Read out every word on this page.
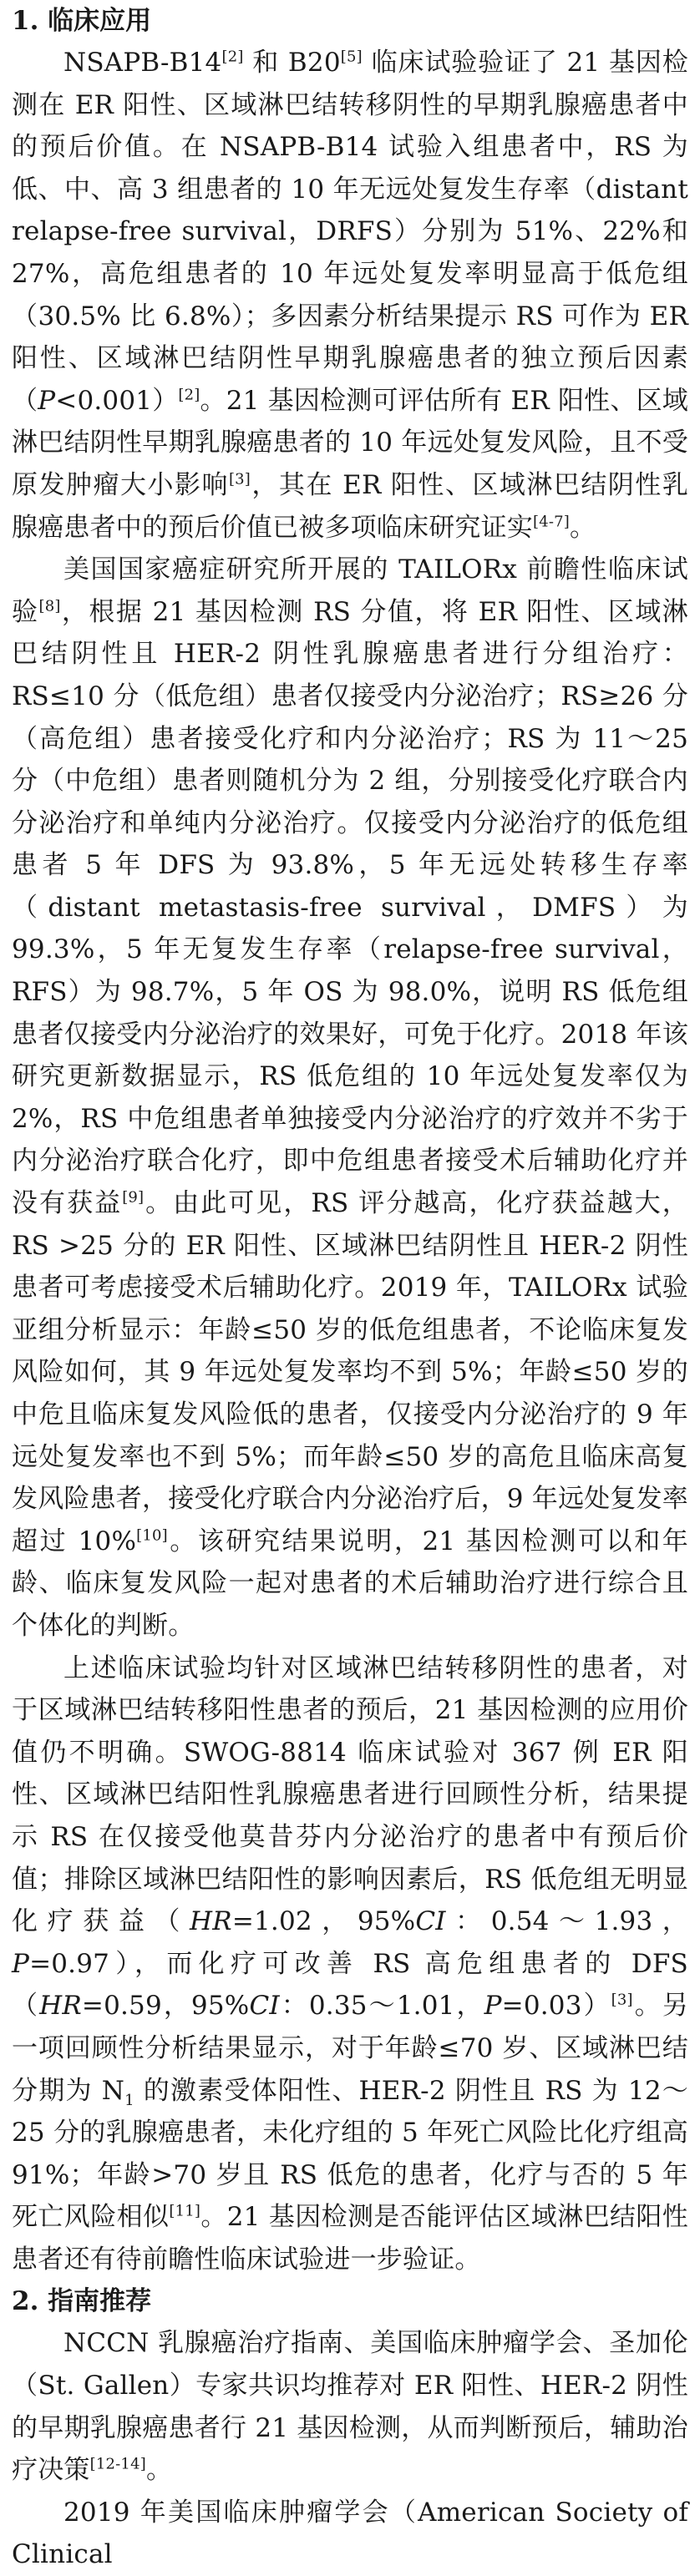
1. 临床应用

NSAPB-B14[2] 和 B20[5] 临床试验验证了 21 基因检测在 ER 阳性、区域淋巴结转移阴性的早期乳腺癌患者中的预后价值。在 NSAPB-B14 试验入组患者中，RS 为低、中、高 3 组患者的 10 年无远处复发生存率（distant relapse-free survival，DRFS）分别为 51%、22%和 27%，高危组患者的 10 年远处复发率明显高于低危组（30.5% 比 6.8%）；多因素分析结果提示 RS 可作为 ER 阳性、区域淋巴结阴性早期乳腺癌患者的独立预后因素（P<0.001）[2]。21 基因检测可评估所有 ER 阳性、区域淋巴结阴性早期乳腺癌患者的 10 年远处复发风险，且不受原发肿瘤大小影响[3]，其在 ER 阳性、区域淋巴结阴性乳腺癌患者中的预后价值已被多项临床研究证实[4-7]。

美国国家癌症研究所开展的 TAILORx 前瞻性临床试验[8]，根据 21 基因检测 RS 分值，将 ER 阳性、区域淋巴结阴性且 HER-2 阴性乳腺癌患者进行分组治疗：RS≤10 分（低危组）患者仅接受内分泌治疗；RS≥26 分（高危组）患者接受化疗和内分泌治疗；RS 为 11～25 分（中危组）患者则随机分为 2 组，分别接受化疗联合内分泌治疗和单纯内分泌治疗。仅接受内分泌治疗的低危组患者 5 年 DFS 为 93.8%，5 年无远处转移生存率（distant metastasis-free survival，DMFS）为 99.3%，5 年无复发生存率（relapse-free survival，RFS）为 98.7%，5 年 OS 为 98.0%，说明 RS 低危组患者仅接受内分泌治疗的效果好，可免于化疗。2018 年该研究更新数据显示，RS 低危组的 10 年远处复发率仅为 2%，RS 中危组患者单独接受内分泌治疗的疗效并不劣于内分泌治疗联合化疗，即中危组患者接受术后辅助化疗并没有获益[9]。由此可见，RS 评分越高，化疗获益越大，RS >25 分的 ER 阳性、区域淋巴结阴性且 HER-2 阴性患者可考虑接受术后辅助化疗。2019 年，TAILORx 试验亚组分析显示：年龄≤50 岁的低危组患者，不论临床复发风险如何，其 9 年远处复发率均不到 5%；年龄≤50 岁的中危且临床复发风险低的患者，仅接受内分泌治疗的 9 年远处复发率也不到 5%；而年龄≤50 岁的高危且临床高复发风险患者，接受化疗联合内分泌治疗后，9 年远处复发率超过 10%[10]。该研究结果说明，21 基因检测可以和年龄、临床复发风险一起对患者的术后辅助治疗进行综合且个体化的判断。

上述临床试验均针对区域淋巴结转移阴性的患者，对于区域淋巴结转移阳性患者的预后，21 基因检测的应用价值仍不明确。SWOG-8814 临床试验对 367 例 ER 阳性、区域淋巴结阳性乳腺癌患者进行回顾性分析，结果提示 RS 在仅接受他莫昔芬内分泌治疗的患者中有预后价值；排除区域淋巴结阳性的影响因素后，RS 低危组无明显化疗获益（HR=1.02，95%CI：0.54～1.93，P=0.97），而化疗可改善 RS 高危组患者的 DFS（HR=0.59，95%CI：0.35～1.01，P=0.03）[3]。另一项回顾性分析结果显示，对于年龄≤70 岁、区域淋巴结分期为 $N_1$ 的激素受体阳性、HER-2 阴性且 RS 为 12～25 分的乳腺癌患者，未化疗组的 5 年死亡风险比化疗组高 91%；年龄>70 岁且 RS 低危的患者，化疗与否的 5 年死亡风险相似[11]。21 基因检测是否能评估区域淋巴结阳性患者还有待前瞻性临床试验进一步验证。

2. 指南推荐

NCCN 乳腺癌治疗指南、美国临床肿瘤学会、圣加伦（St. Gallen）专家共识均推荐对 ER 阳性、HER-2 阴性的早期乳腺癌患者行 21 基因检测，从而判断预后，辅助治疗决策[12-14]。

2019 年美国临床肿瘤学会（American Society of Clinical
